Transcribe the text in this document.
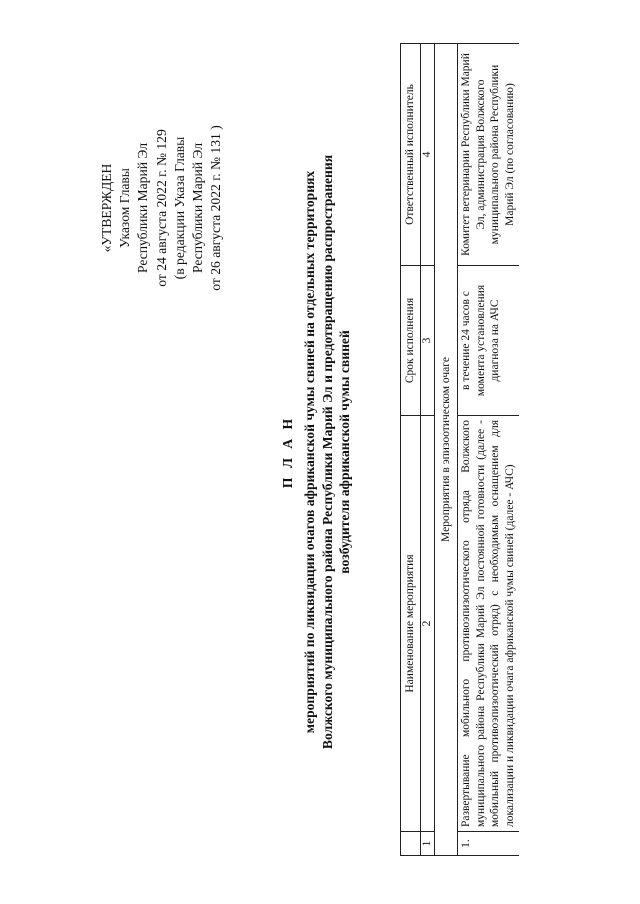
«УТВЕРЖДЕН Указом Главы Республики Марий Эл от 24 августа 2022 г. № 129 (в редакции Указа Главы Республики Марий Эл от 26 августа 2022 г. № 131 )
П Л А Н мероприятий по ликвидации очагов африканской чумы свиней на отдельных территориях Волжского муниципального района Республики Марий Эл и предотвращению распространения возбудителя африканской чумы свиней
	Наименование мероприятия	Срок исполнения	Ответственный исполнитель
1	2	3	4
Мероприятия в эпизоотическом очаге			
1.	Развертывание мобильного противоэпизоотического отряда Волжского муниципального района Республики Марий Эл постоянной готовности (далее - мобильный противоэпизоотический отряд) с необходимым оснащением для локализации и ликвидации очага африканской чумы свиней (далее - АЧС)	в течение 24 часов с момента установления диагноза на АЧС	Комитет ветеринарии Республики Марий Эл, администрация Волжского муниципального района Республики Марий Эл (по согласованию)
